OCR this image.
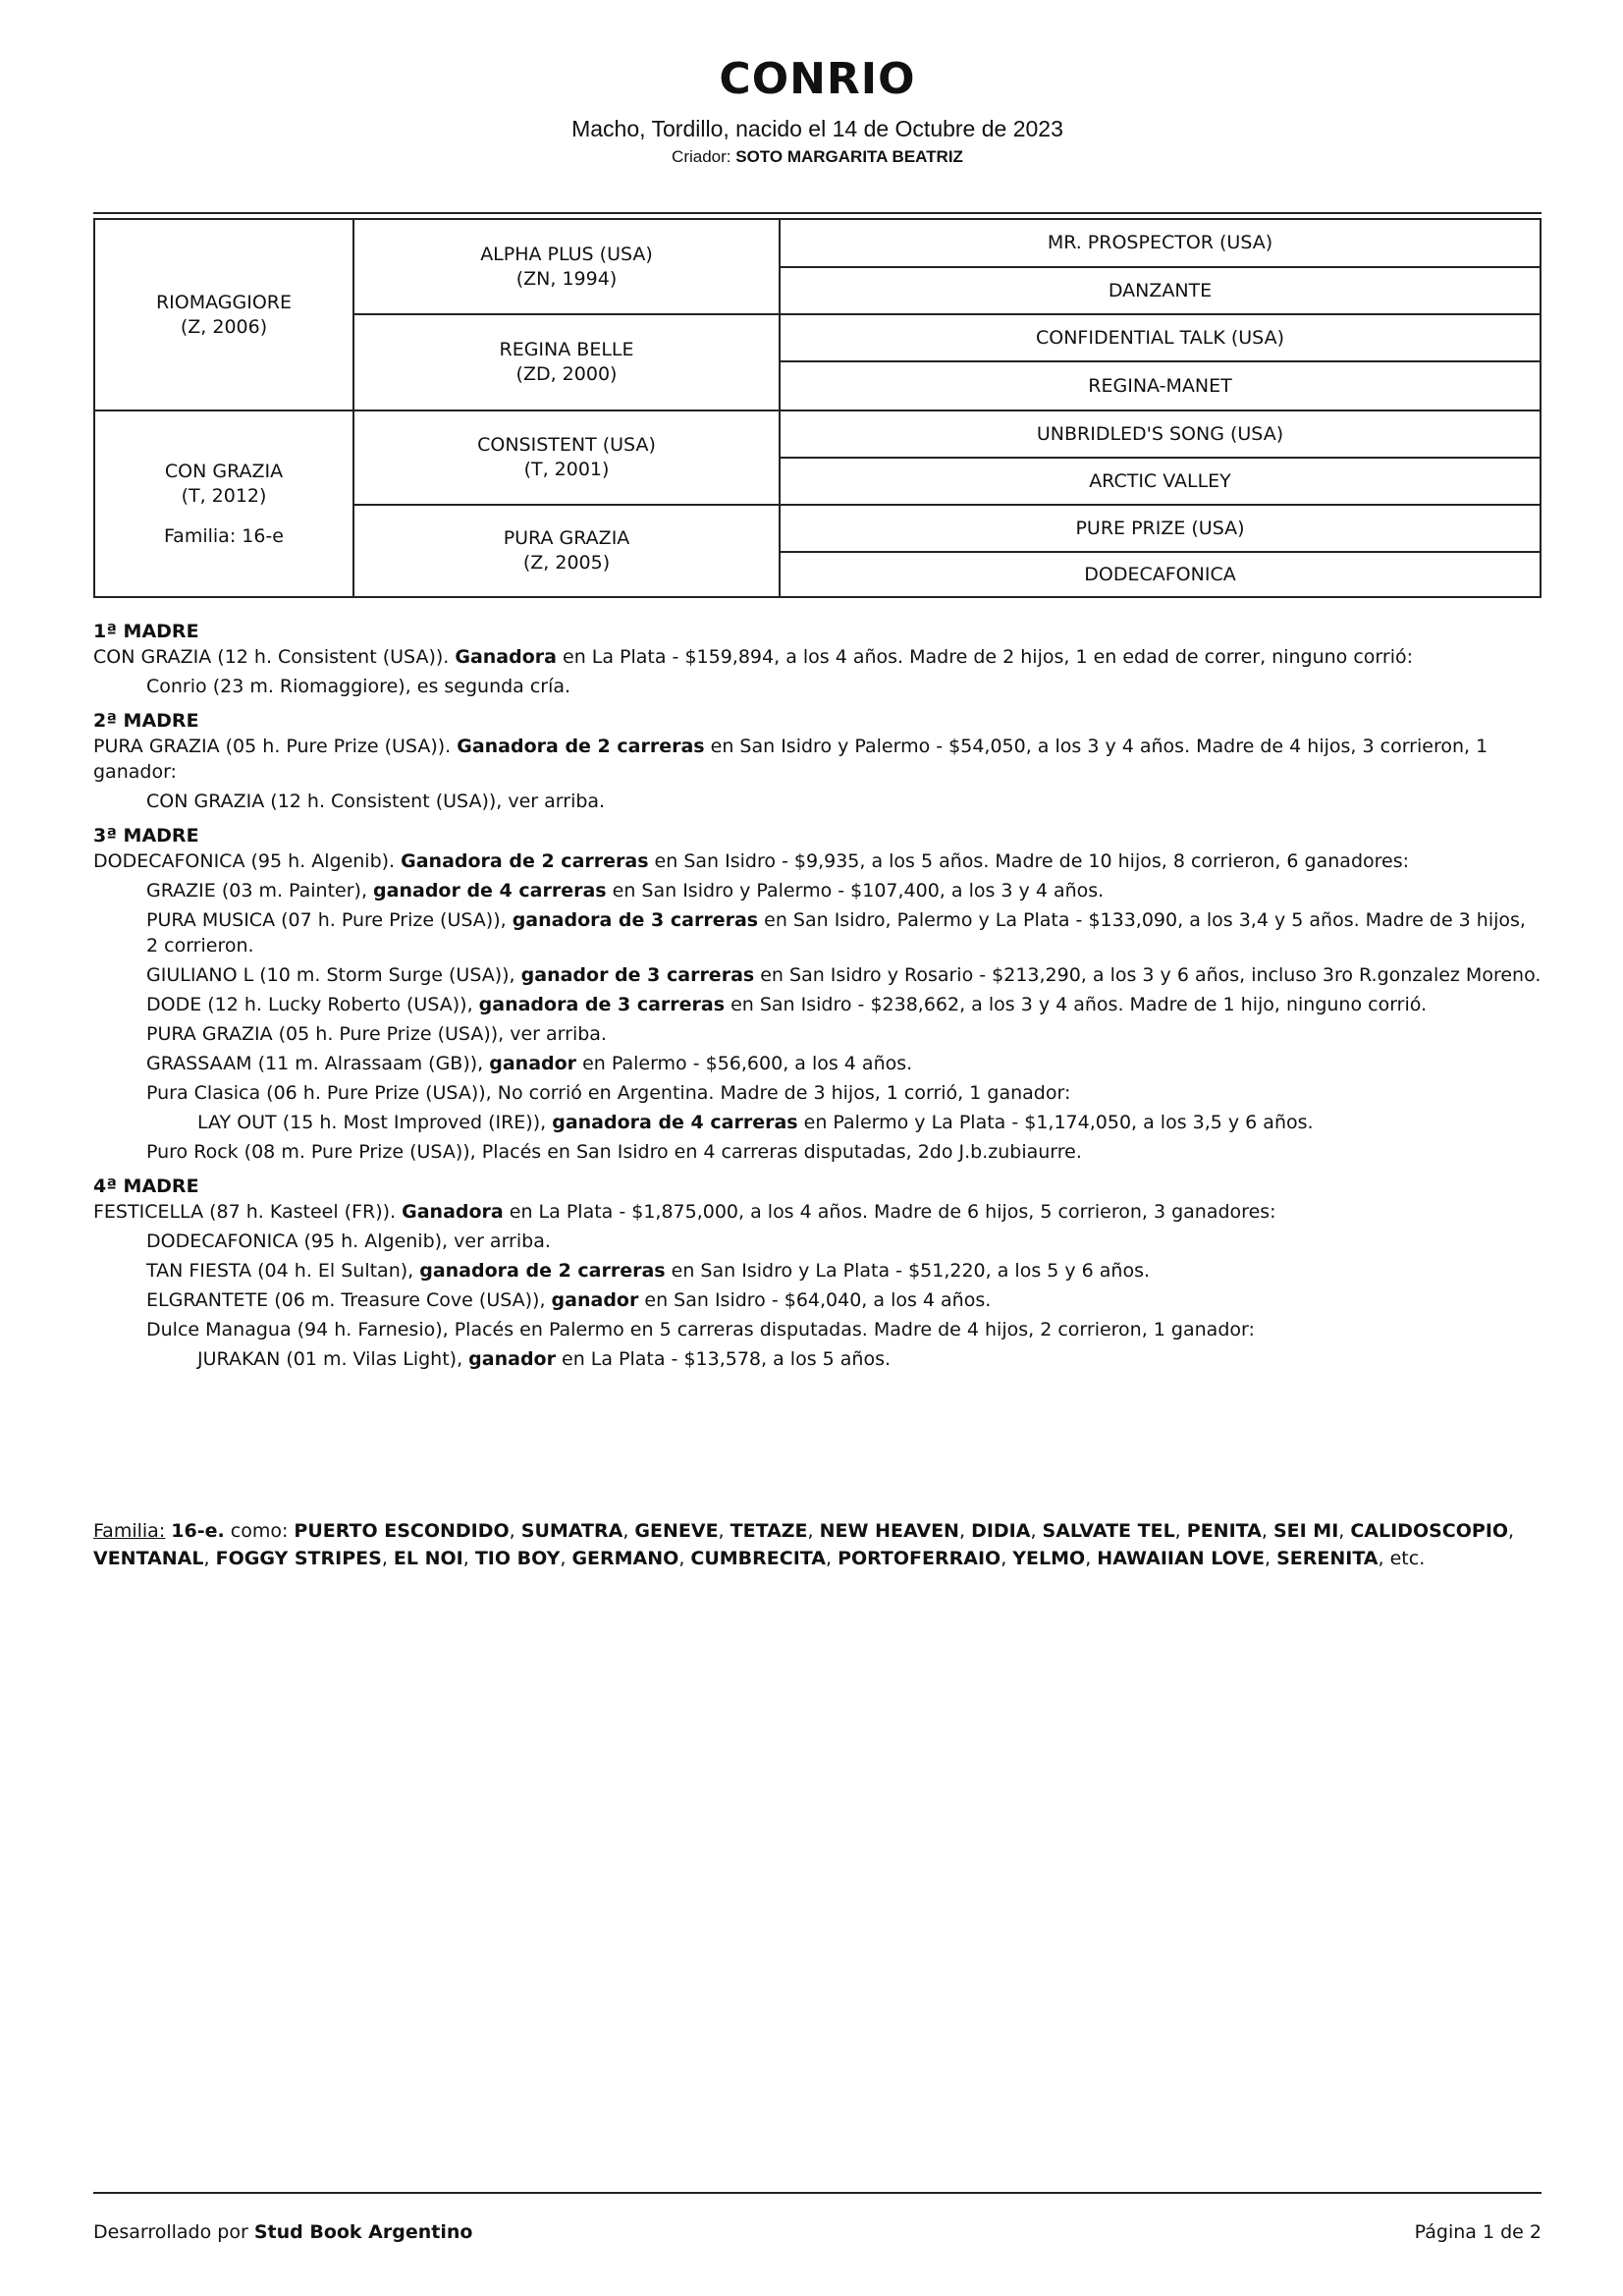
CONRIO
Macho, Tordillo, nacido el 14 de Octubre de 2023
Criador: SOTO MARGARITA BEATRIZ
RIOMAGGIORE
(Z, 2006)
CON GRAZIA
(T, 2012)
Familia: 16-e
ALPHA PLUS (USA)
(ZN, 1994)
REGINA BELLE
(ZD, 2000)
CONSISTENT (USA)
(T, 2001)
PURA GRAZIA
(Z, 2005)
MR. PROSPECTOR (USA)
DANZANTE
CONFIDENTIAL TALK (USA)
REGINA-MANET
UNBRIDLED'S SONG (USA)
ARCTIC VALLEY
PURE PRIZE (USA)
DODECAFONICA
1ª MADRE

CON GRAZIA (12 h. Consistent (USA)). Ganadora en La Plata - $159,894, a los 4 años. Madre de 2 hijos, 1 en edad de correr, ninguno corrió:

Conrio (23 m. Riomaggiore), es segunda cría.

2ª MADRE

PURA GRAZIA (05 h. Pure Prize (USA)). Ganadora de 2 carreras en San Isidro y Palermo - $54,050, a los 3 y 4 años. Madre de 4 hijos, 3 corrieron, 1 ganador:

CON GRAZIA (12 h. Consistent (USA)), ver arriba.

3ª MADRE

DODECAFONICA (95 h. Algenib). Ganadora de 2 carreras en San Isidro - $9,935, a los 5 años. Madre de 10 hijos, 8 corrieron, 6 ganadores:

GRAZIE (03 m. Painter), ganador de 4 carreras en San Isidro y Palermo - $107,400, a los 3 y 4 años.

PURA MUSICA (07 h. Pure Prize (USA)), ganadora de 3 carreras en San Isidro, Palermo y La Plata - $133,090, a los 3,4 y 5 años. Madre de 3 hijos, 2 corrieron.

GIULIANO L (10 m. Storm Surge (USA)), ganador de 3 carreras en San Isidro y Rosario - $213,290, a los 3 y 6 años, incluso 3ro R.gonzalez Moreno.

DODE (12 h. Lucky Roberto (USA)), ganadora de 3 carreras en San Isidro - $238,662, a los 3 y 4 años. Madre de 1 hijo, ninguno corrió.

PURA GRAZIA (05 h. Pure Prize (USA)), ver arriba.

GRASSAAM (11 m. Alrassaam (GB)), ganador en Palermo - $56,600, a los 4 años.

Pura Clasica (06 h. Pure Prize (USA)), No corrió en Argentina. Madre de 3 hijos, 1 corrió, 1 ganador:

LAY OUT (15 h. Most Improved (IRE)), ganadora de 4 carreras en Palermo y La Plata - $1,174,050, a los 3,5 y 6 años.

Puro Rock (08 m. Pure Prize (USA)), Placés en San Isidro en 4 carreras disputadas, 2do J.b.zubiaurre.

4ª MADRE

FESTICELLA (87 h. Kasteel (FR)). Ganadora en La Plata - $1,875,000, a los 4 años. Madre de 6 hijos, 5 corrieron, 3 ganadores:

DODECAFONICA (95 h. Algenib), ver arriba.

TAN FIESTA (04 h. El Sultan), ganadora de 2 carreras en San Isidro y La Plata - $51,220, a los 5 y 6 años.

ELGRANTETE (06 m. Treasure Cove (USA)), ganador en San Isidro - $64,040, a los 4 años.

Dulce Managua (94 h. Farnesio), Placés en Palermo en 5 carreras disputadas. Madre de 4 hijos, 2 corrieron, 1 ganador:

JURAKAN (01 m. Vilas Light), ganador en La Plata - $13,578, a los 5 años.

Familia: 16-e. como: PUERTO ESCONDIDO, SUMATRA, GENEVE, TETAZE, NEW HEAVEN, DIDIA, SALVATE TEL, PENITA, SEI MI, CALIDOSCOPIO, VENTANAL, FOGGY STRIPES, EL NOI, TIO BOY, GERMANO, CUMBRECITA, PORTOFERRAIO, YELMO, HAWAIIAN LOVE, SERENITA, etc.
Desarrollado por Stud Book Argentino	Página 1 de 2
